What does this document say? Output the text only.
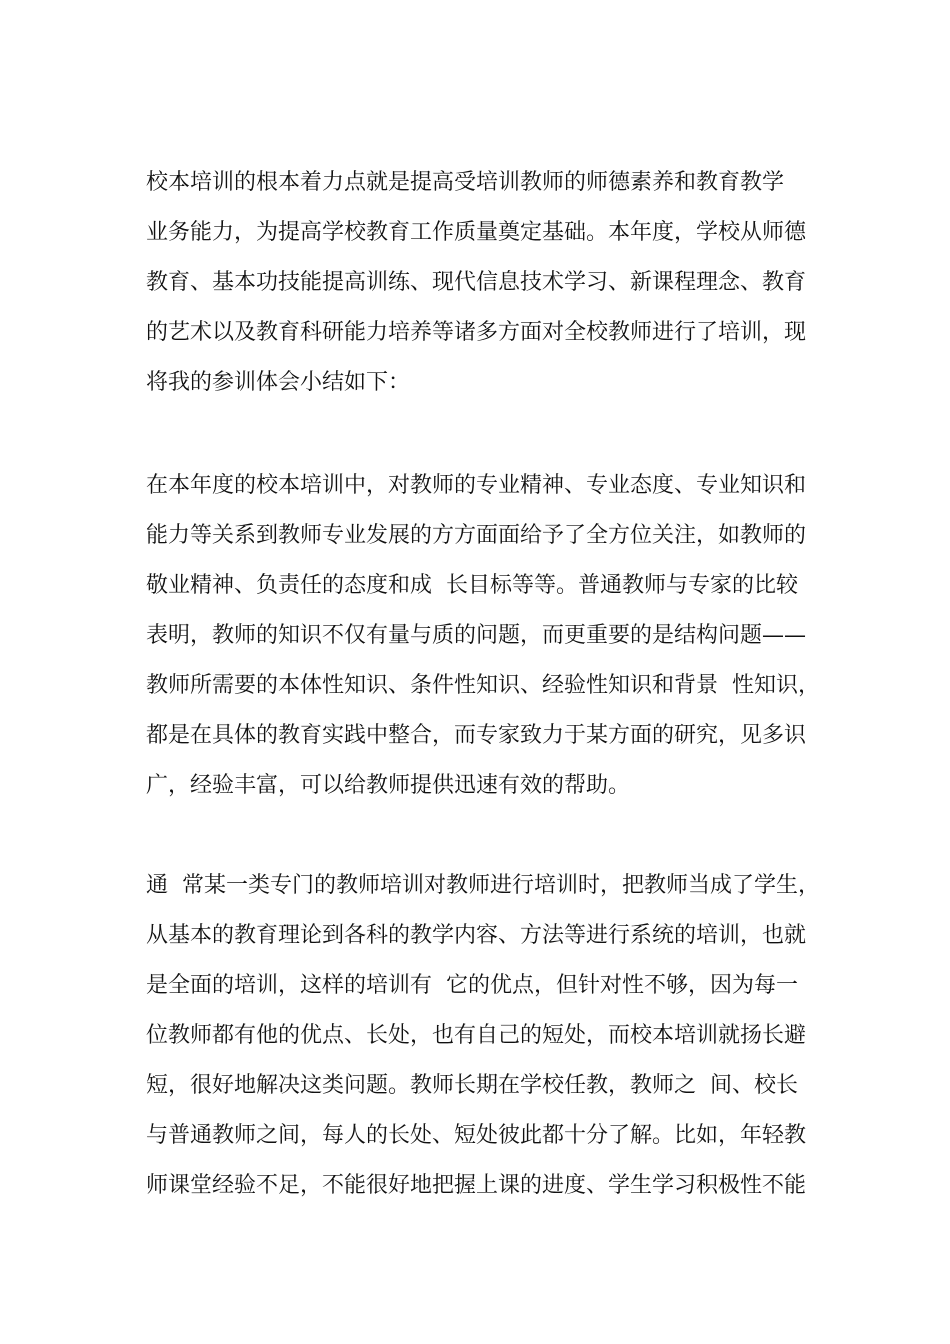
校本培训的根本着力点就是提高受培训教师的师德素养和教育教学
业务能力，为提高学校教育工作质量奠定基础。本年度，学校从师德
教育、基本功技能提高训练、现代信息技术学习、新课程理念、教育
的艺术以及教育科研能力培养等诸多方面对全校教师进行了培训，现
将我的参训体会小结如下：
在本年度的校本培训中，对教师的专业精神、专业态度、专业知识和
能力等关系到教师专业发展的方方面面给予了全方位关注，如教师的
敬业精神、负责任的态度和成  长目标等等。普通教师与专家的比较
表明，教师的知识不仅有量与质的问题，而更重要的是结构问题——
教师所需要的本体性知识、条件性知识、经验性知识和背景  性知识，
都是在具体的教育实践中整合，而专家致力于某方面的研究，见多识
广，经验丰富，可以给教师提供迅速有效的帮助。
通  常某一类专门的教师培训对教师进行培训时，把教师当成了学生，
从基本的教育理论到各科的教学内容、方法等进行系统的培训，也就
是全面的培训，这样的培训有  它的优点，但针对性不够，因为每一
位教师都有他的优点、长处，也有自己的短处，而校本培训就扬长避
短，很好地解决这类问题。教师长期在学校任教，教师之  间、校长
与普通教师之间，每人的长处、短处彼此都十分了解。比如，年轻教
师课堂经验不足，不能很好地把握上课的进度、学生学习积极性不能
